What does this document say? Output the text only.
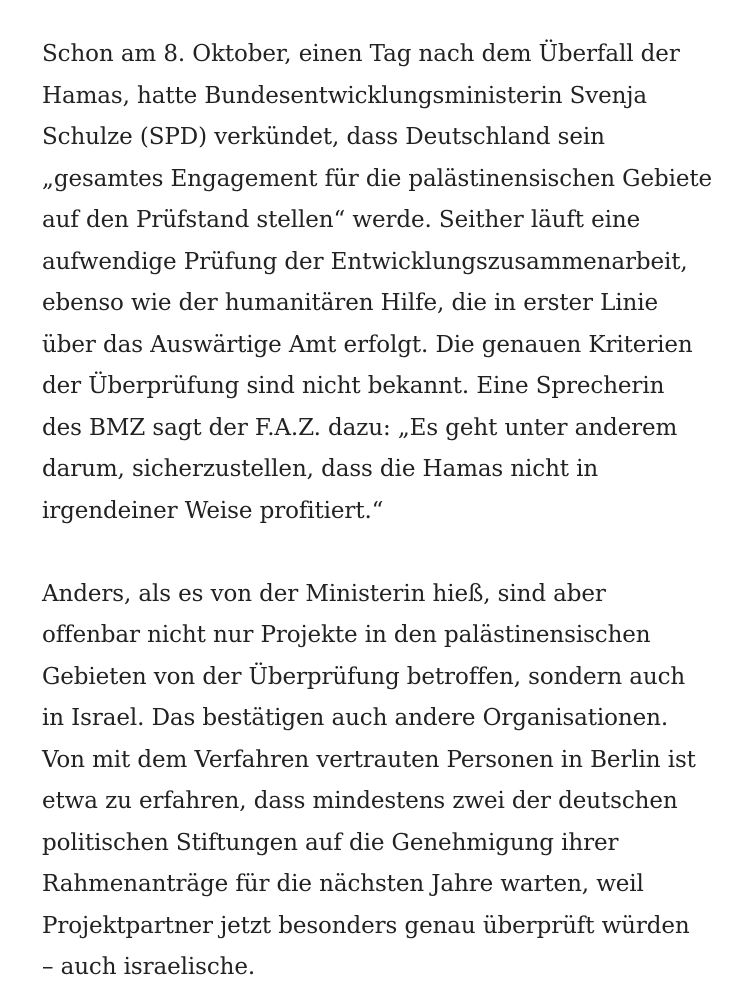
Schon am 8. Oktober, einen Tag nach dem Überfall der
Hamas, hatte Bundesentwicklungsministerin Svenja
Schulze (SPD) verkündet, dass Deutschland sein
„gesamtes Engagement für die palästinensischen Gebiete
auf den Prüfstand stellen“ werde. Seither läuft eine
aufwendige Prüfung der Entwicklungszusammenarbeit,
ebenso wie der humanitären Hilfe, die in erster Linie
über das Auswärtige Amt erfolgt. Die genauen Kriterien
der Überprüfung sind nicht bekannt. Eine Sprecherin
des BMZ sagt der F.A.Z. dazu: „Es geht unter anderem
darum, sicherzustellen, dass die Hamas nicht in
irgendeiner Weise profitiert.“

Anders, als es von der Ministerin hieß, sind aber
offenbar nicht nur Projekte in den palästinensischen
Gebieten von der Überprüfung betroffen, sondern auch
in Israel. Das bestätigen auch andere Organisationen.
Von mit dem Verfahren vertrauten Personen in Berlin ist
etwa zu erfahren, dass mindestens zwei der deutschen
politischen Stiftungen auf die Genehmigung ihrer
Rahmenanträge für die nächsten Jahre warten, weil
Projektpartner jetzt besonders genau überprüft würden
– auch israelische.
